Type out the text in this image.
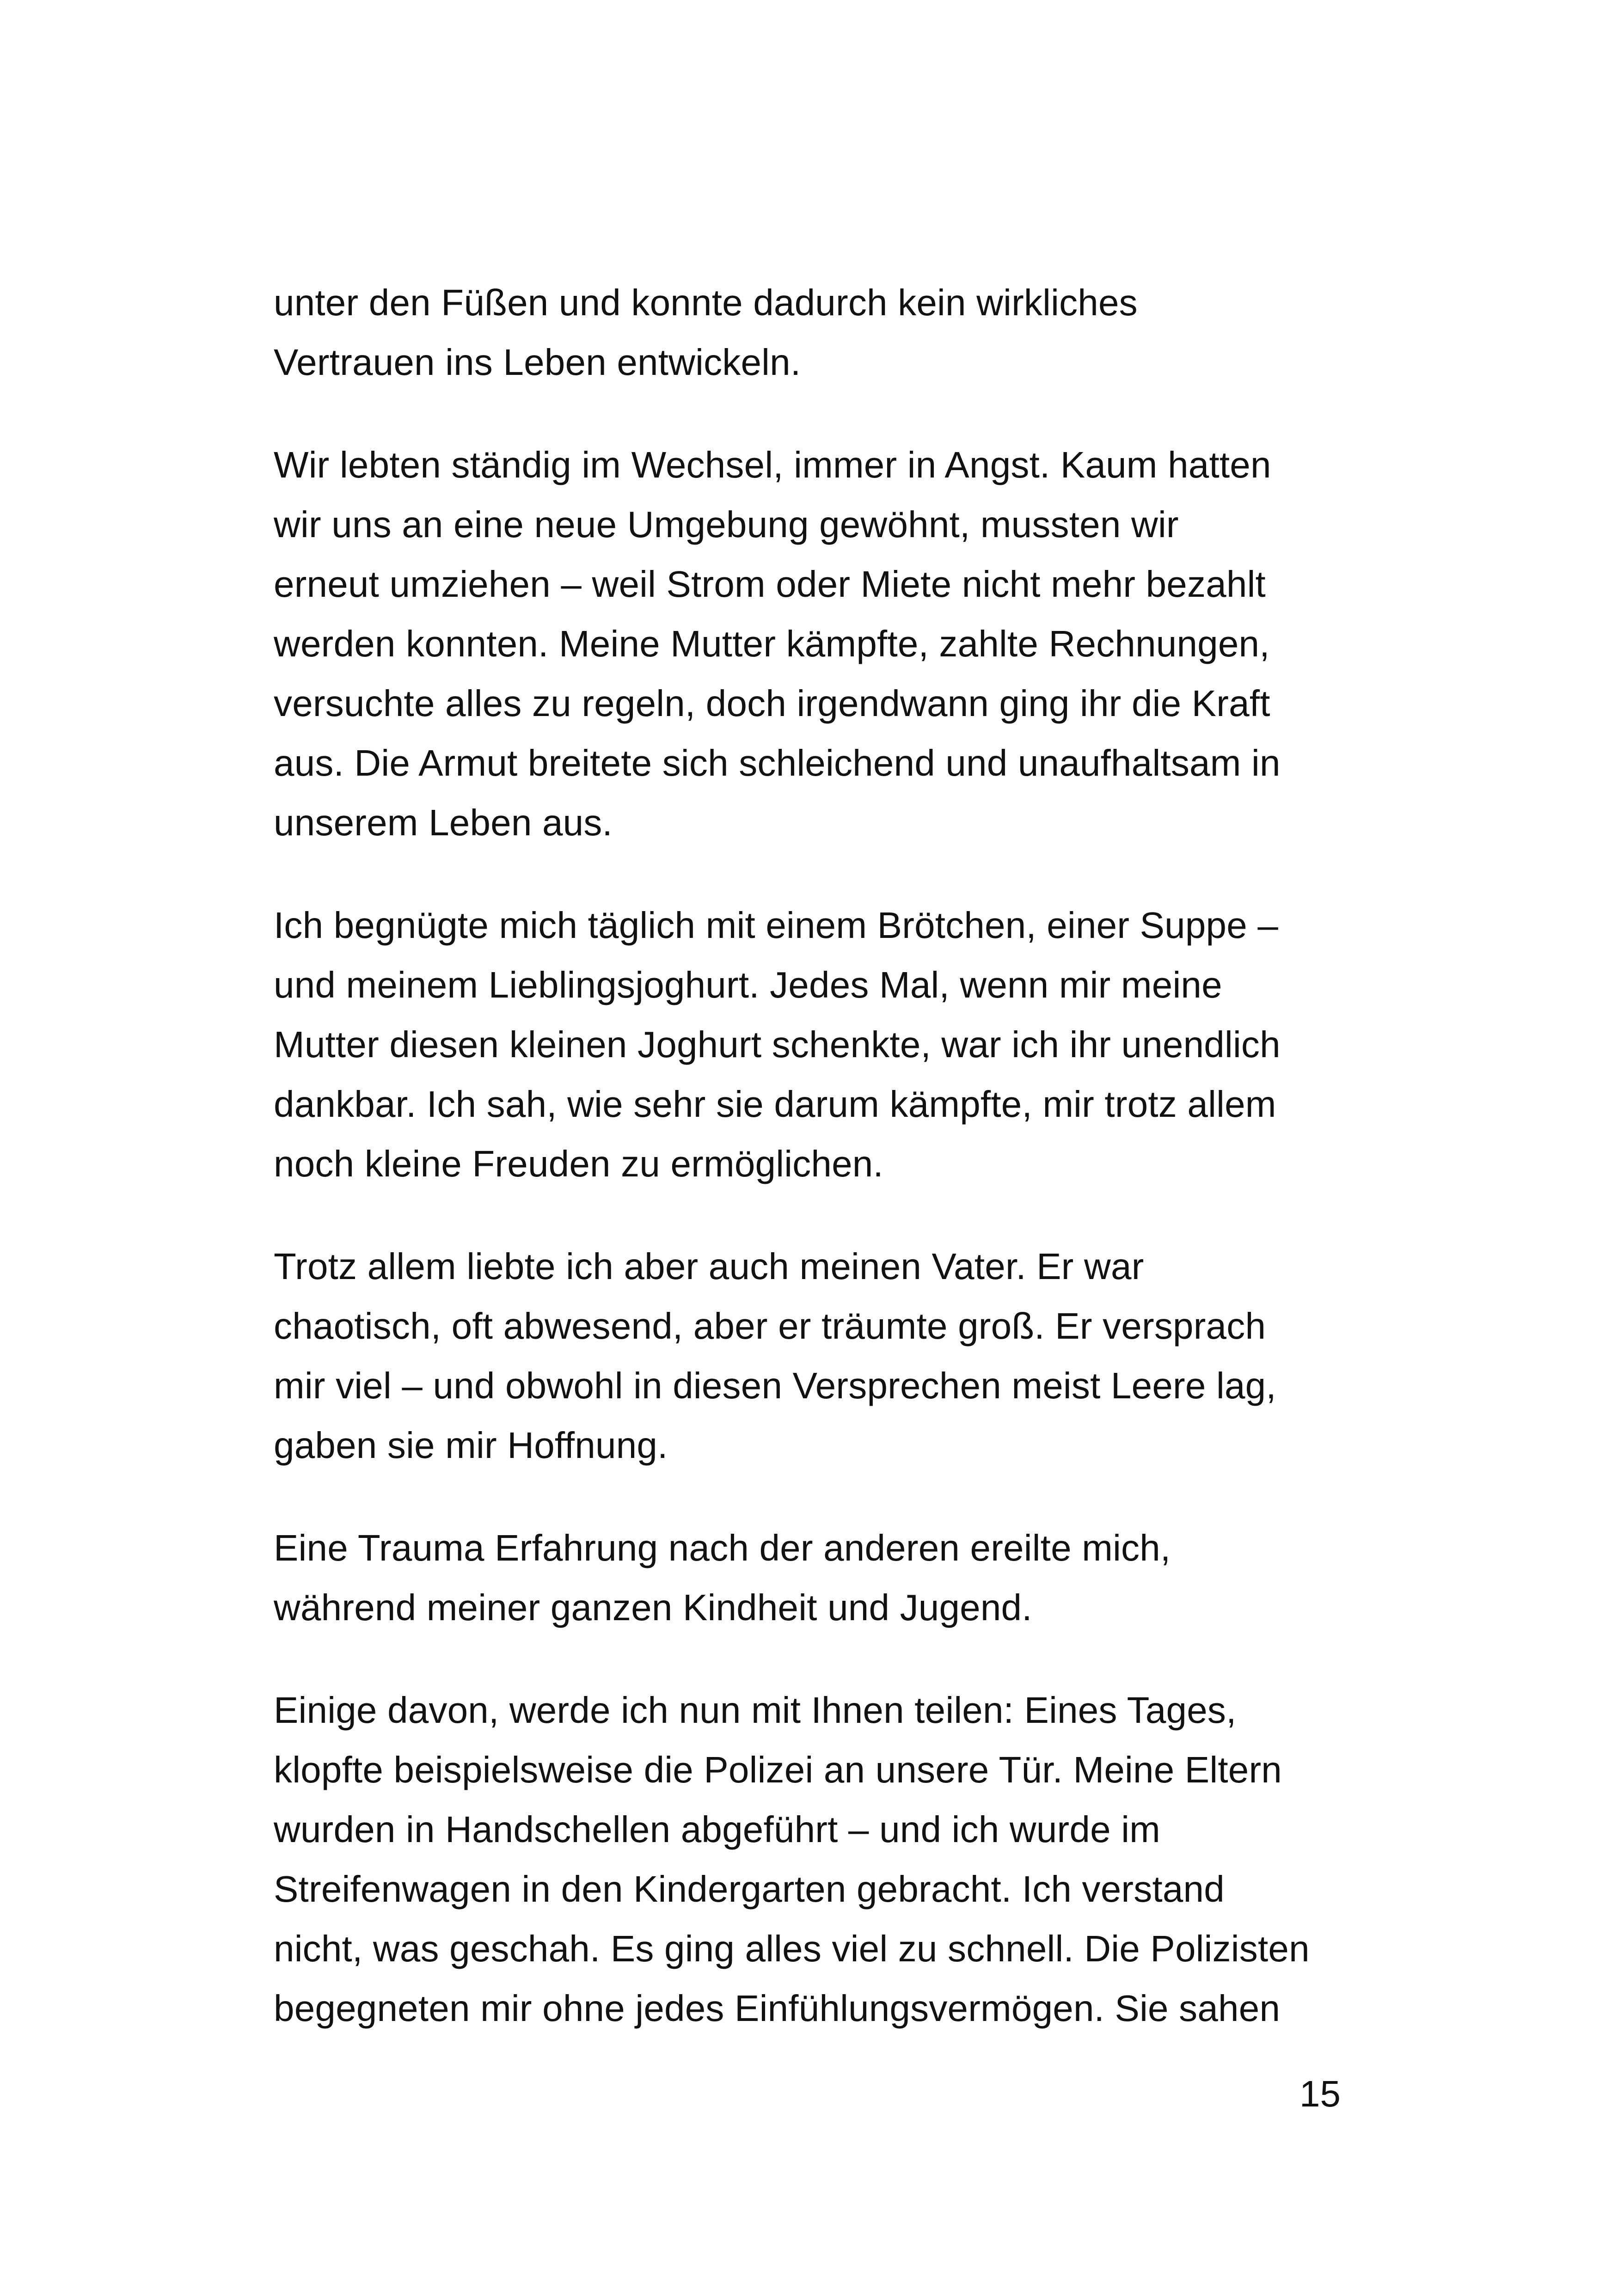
unter den Füßen und konnte dadurch kein wirkliches
Vertrauen ins Leben entwickeln.

Wir lebten ständig im Wechsel, immer in Angst. Kaum hatten
wir uns an eine neue Umgebung gewöhnt, mussten wir
erneut umziehen – weil Strom oder Miete nicht mehr bezahlt
werden konnten. Meine Mutter kämpfte, zahlte Rechnungen,
versuchte alles zu regeln, doch irgendwann ging ihr die Kraft
aus. Die Armut breitete sich schleichend und unaufhaltsam in
unserem Leben aus.

Ich begnügte mich täglich mit einem Brötchen, einer Suppe –
und meinem Lieblingsjoghurt. Jedes Mal, wenn mir meine
Mutter diesen kleinen Joghurt schenkte, war ich ihr unendlich
dankbar. Ich sah, wie sehr sie darum kämpfte, mir trotz allem
noch kleine Freuden zu ermöglichen.

Trotz allem liebte ich aber auch meinen Vater. Er war
chaotisch, oft abwesend, aber er träumte groß. Er versprach
mir viel – und obwohl in diesen Versprechen meist Leere lag,
gaben sie mir Hoffnung.

Eine Trauma Erfahrung nach der anderen ereilte mich,
während meiner ganzen Kindheit und Jugend.

Einige davon, werde ich nun mit Ihnen teilen: Eines Tages,
klopfte beispielsweise die Polizei an unsere Tür. Meine Eltern
wurden in Handschellen abgeführt – und ich wurde im
Streifenwagen in den Kindergarten gebracht. Ich verstand
nicht, was geschah. Es ging alles viel zu schnell. Die Polizisten
begegneten mir ohne jedes Einfühlungsvermögen. Sie sahen

15
